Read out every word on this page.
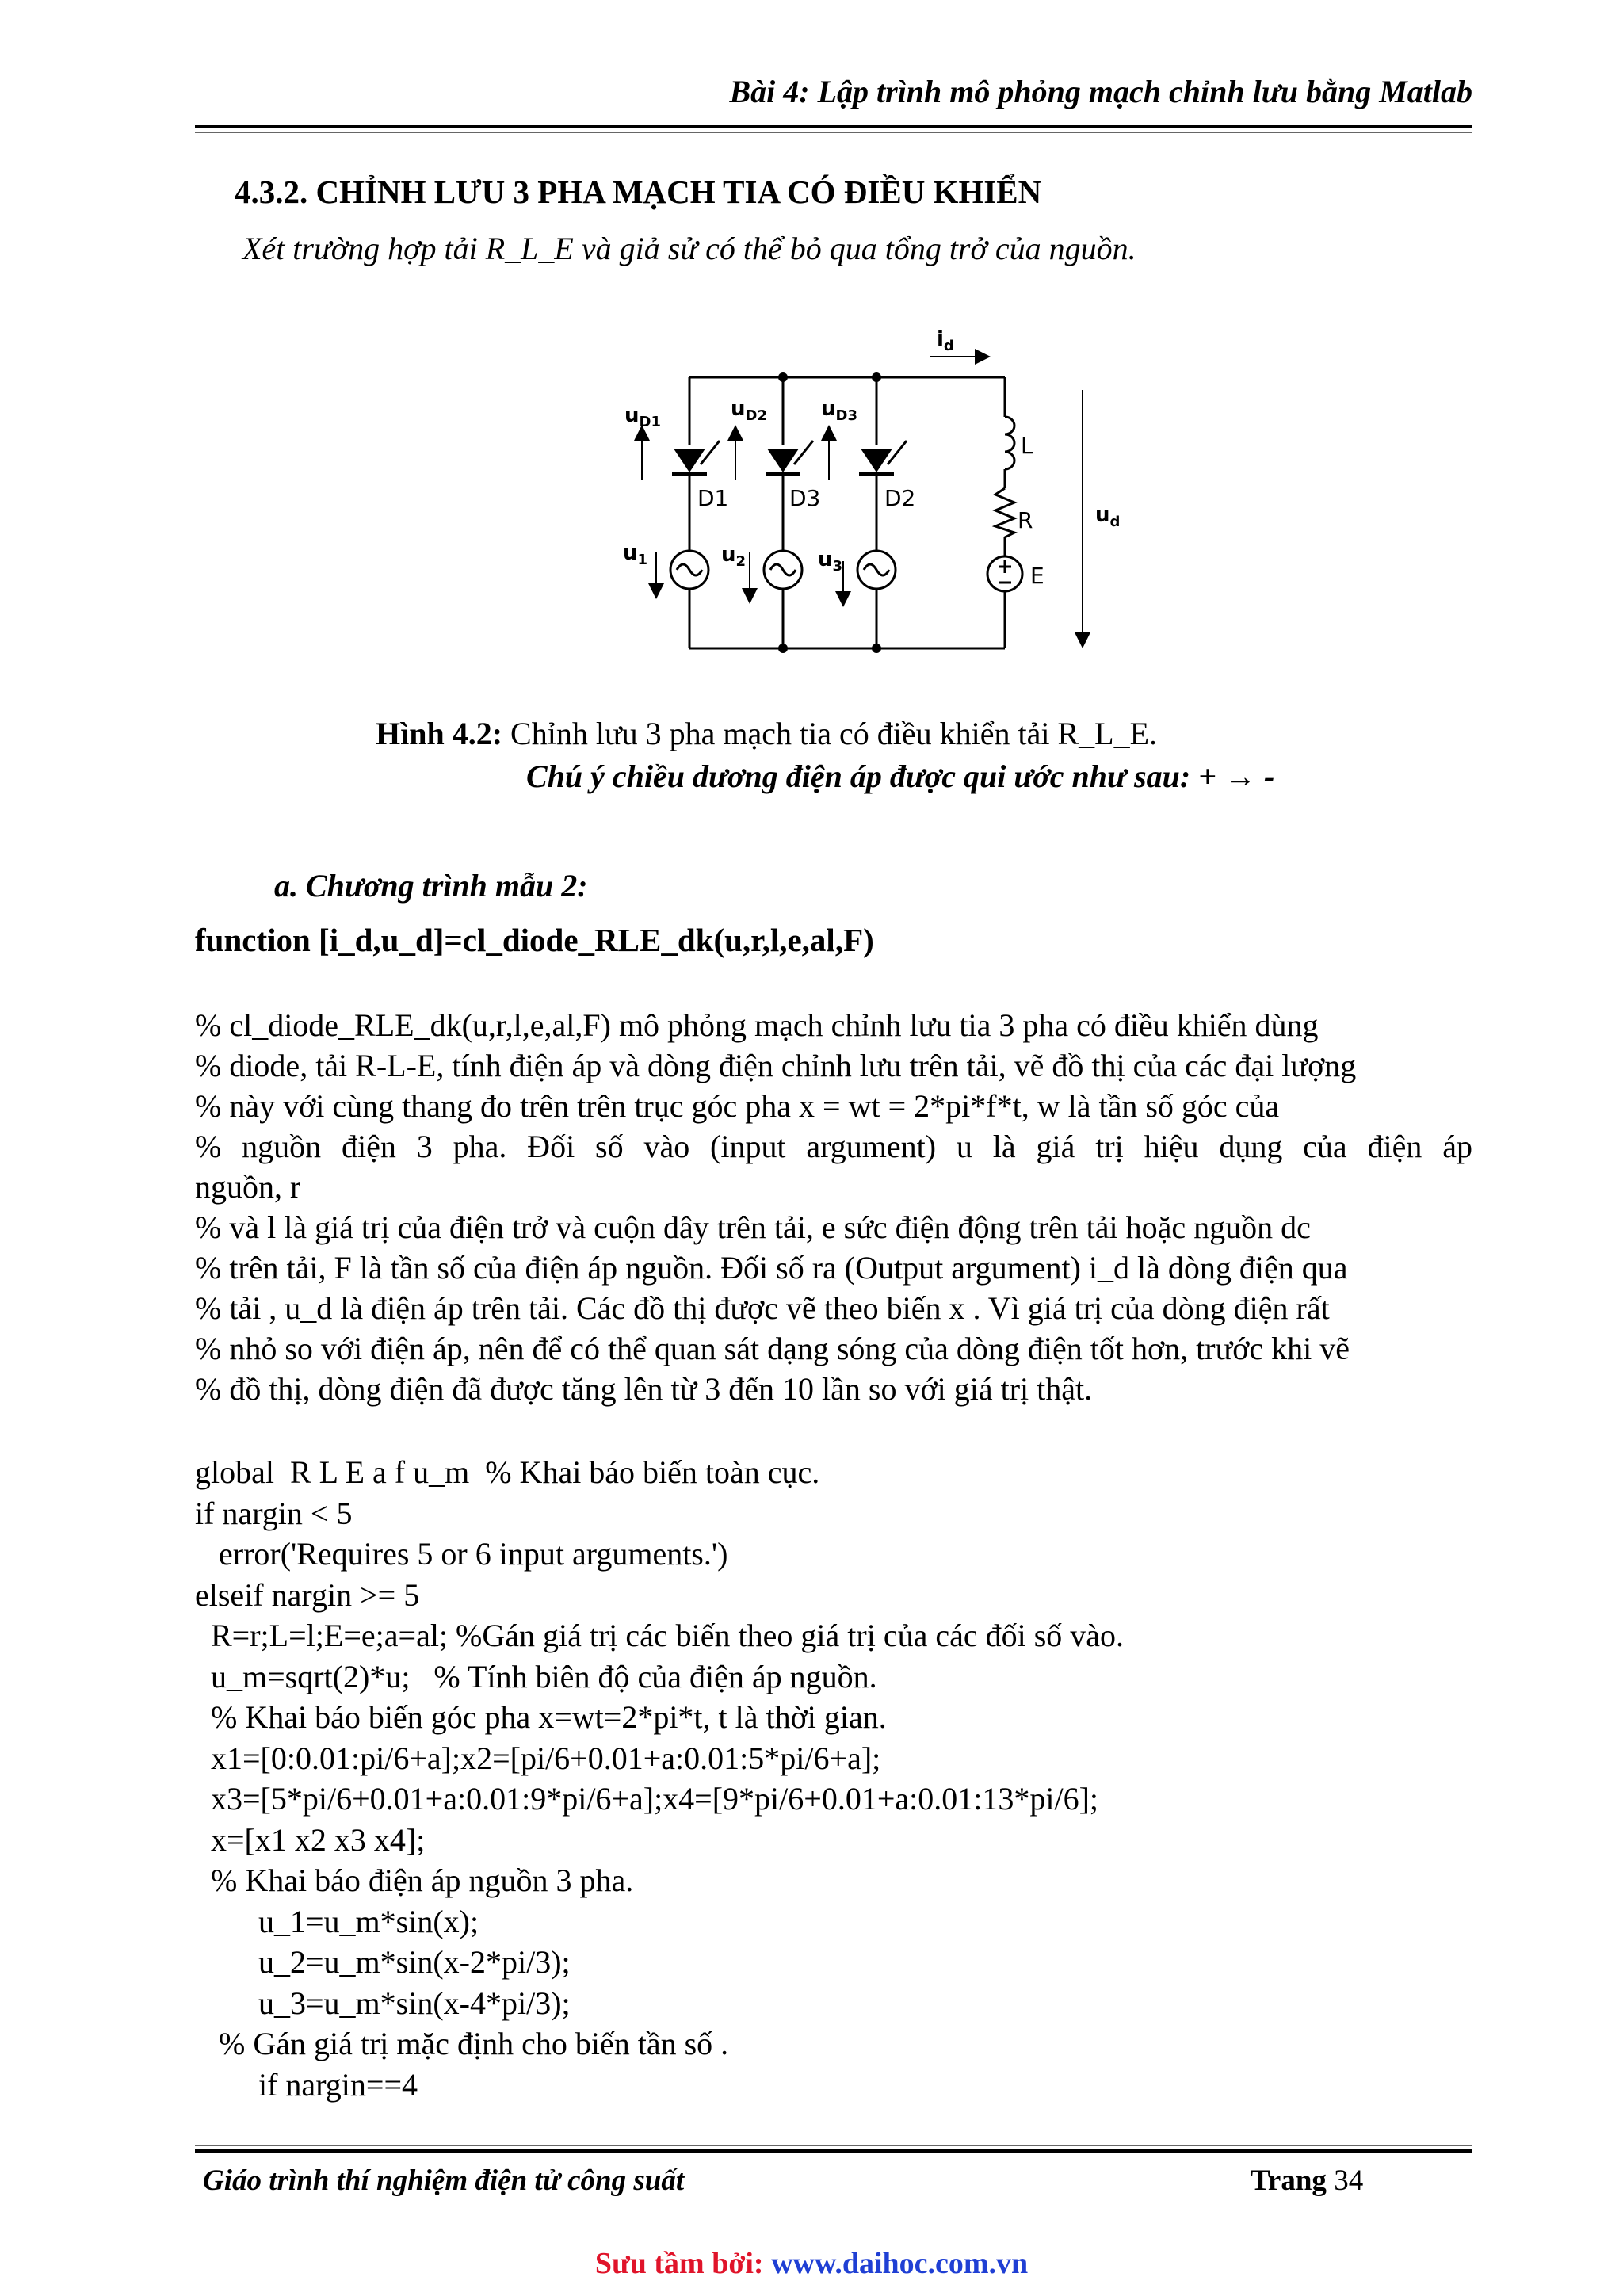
Bài 4: Lập trình mô phỏng mạch chỉnh lưu bằng Matlab
4.3.2. CHỈNH LƯU 3 PHA MẠCH TIA CÓ ĐIỀU KHIỂN
Xét trường hợp tải R_L_E và giả sử có thể bỏ qua tổng trở của nguồn.
$i_d$
$u_{D1}$
$u_{D2}$	$u_{D3}$
$u_1$	$u_2$	$u_3$
$u_d$
D1	D3	D2
L
R
E
Hình 4.2: Chỉnh lưu 3 pha mạch tia có điều khiển tải R_L_E.
Chú ý chiều dương điện áp được qui ước như sau: + → -
a. Chương trình mẫu 2:
function [i_d,u_d]=cl_diode_RLE_dk(u,r,l,e,al,F)
% cl_diode_RLE_dk(u,r,l,e,al,F) mô phỏng mạch chỉnh lưu tia 3 pha có điều khiển dùng
% diode, tải R-L-E, tính điện áp và dòng điện chỉnh lưu trên tải, vẽ đồ thị của các đại lượng
% này với cùng thang đo trên trên trục góc pha x = wt = 2*pi*f*t, w là tần số góc của
% nguồn điện 3 pha. Đối số vào (input argument) u là giá trị hiệu dụng của điện áp
nguồn, r
% và l là giá trị của điện trở và cuộn dây trên tải, e sức điện động trên tải hoặc nguồn dc
% trên tải, F là tần số của điện áp nguồn. Đối số ra (Output argument) i_d là dòng điện qua
% tải , u_d là điện áp trên tải. Các đồ thị được vẽ theo biến x . Vì giá trị của dòng điện rất
% nhỏ so với điện áp, nên để có thể quan sát dạng sóng của dòng điện tốt hơn, trước khi vẽ
% đồ thị, dòng điện đã được tăng lên từ 3 đến 10 lần so với giá trị thật.
global  R L E a f u_m  % Khai báo biến toàn cục.
if nargin < 5
error('Requires 5 or 6 input arguments.')
elseif nargin >= 5
R=r;L=l;E=e;a=al; %Gán giá trị các biến theo giá trị của các đối số vào.
u_m=sqrt(2)*u;   % Tính biên độ của điện áp nguồn.
% Khai báo biến góc pha x=wt=2*pi*t, t là thời gian.
x1=[0:0.01:pi/6+a];x2=[pi/6+0.01+a:0.01:5*pi/6+a];
x3=[5*pi/6+0.01+a:0.01:9*pi/6+a];x4=[9*pi/6+0.01+a:0.01:13*pi/6];
x=[x1 x2 x3 x4];
% Khai báo điện áp nguồn 3 pha.
u_1=u_m*sin(x);
u_2=u_m*sin(x-2*pi/3);
u_3=u_m*sin(x-4*pi/3);
% Gán giá trị mặc định cho biến tần số .
if nargin==4
Giáo trình thí nghiệm điện tử công suất	Trang 34
Sưu tầm bởi: www.daihoc.com.vn
